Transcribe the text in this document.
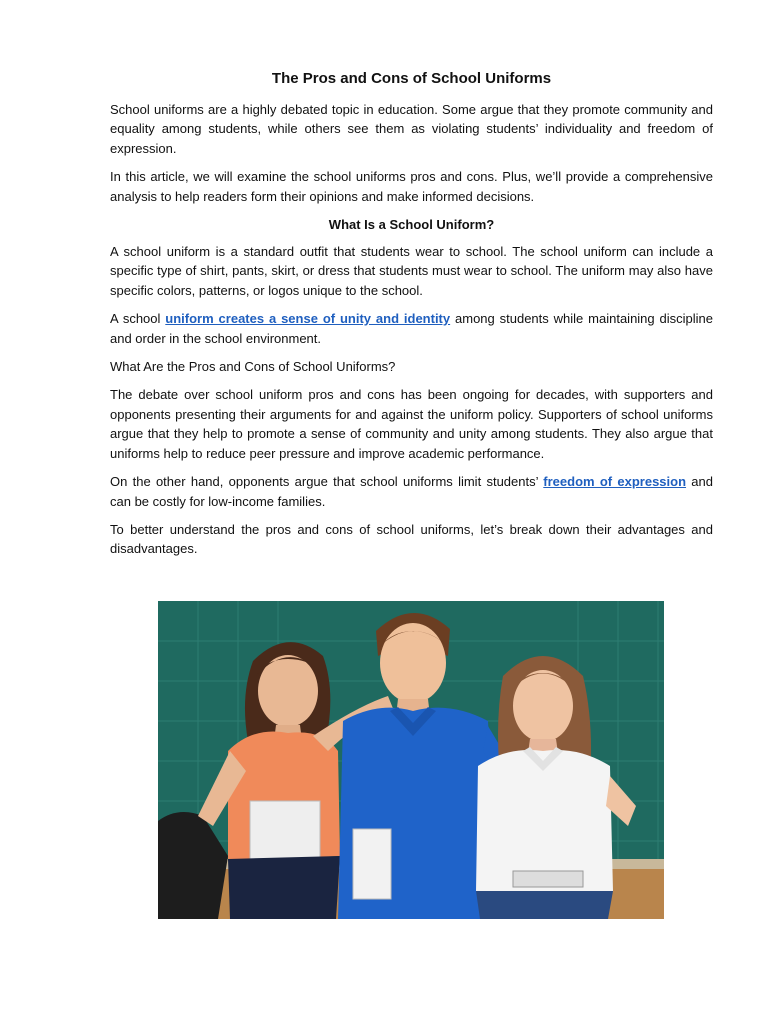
The Pros and Cons of School Uniforms

School uniforms are a highly debated topic in education. Some argue that they promote community and equality among students, while others see them as violating students’ individuality and freedom of expression.

In this article, we will examine the school uniforms pros and cons. Plus, we’ll provide a comprehensive analysis to help readers form their opinions and make informed decisions.

What Is a School Uniform?

A school uniform is a standard outfit that students wear to school. The school uniform can include a specific type of shirt, pants, skirt, or dress that students must wear to school. The uniform may also have specific colors, patterns, or logos unique to the school.

A school uniform creates a sense of unity and identity among students while maintaining discipline and order in the school environment.

What Are the Pros and Cons of School Uniforms?

The debate over school uniform pros and cons has been ongoing for decades, with supporters and opponents presenting their arguments for and against the uniform policy. Supporters of school uniforms argue that they help to promote a sense of community and unity among students. They also argue that uniforms help to reduce peer pressure and improve academic performance.

On the other hand, opponents argue that school uniforms limit students’ freedom of expression and can be costly for low-income families.

To better understand the pros and cons of school uniforms, let’s break down their advantages and disadvantages.
